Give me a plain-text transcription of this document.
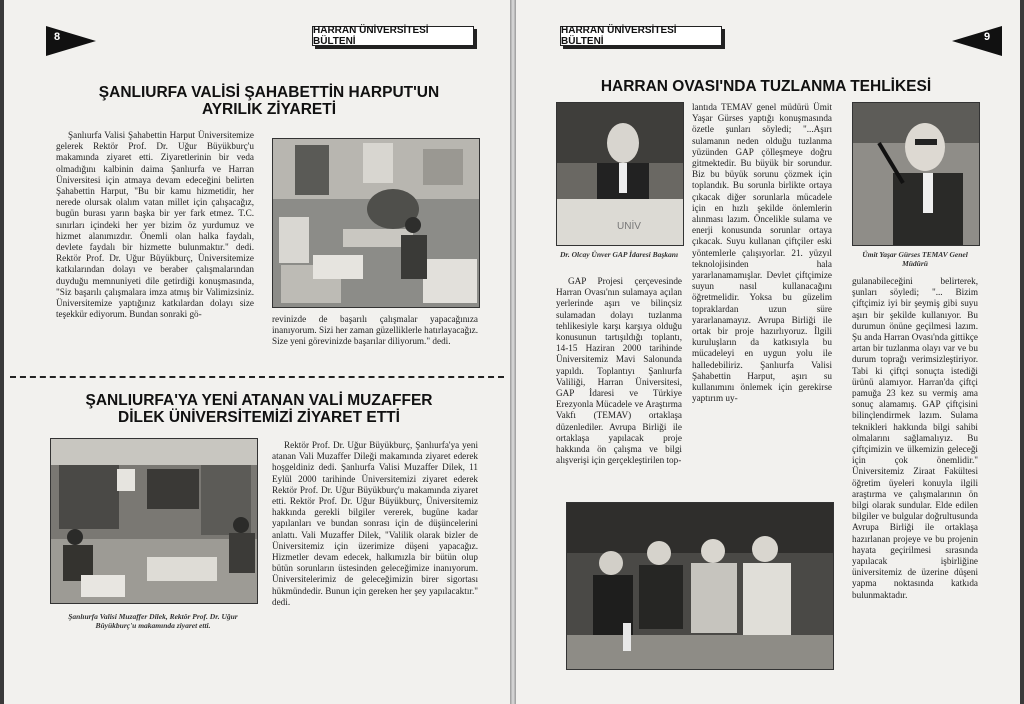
8
HARRAN ÜNİVERSİTESİ BÜLTENİ
ŞANLIURFA VALİSİ ŞAHABETTİN HARPUT'UN AYRILIK ZİYARETİ

Şanlıurfa Valisi Şahabettin Harput Üniversitemize gelerek Rektör Prof. Dr. Uğur Büyükburç'u makamında ziyaret etti. Ziyaretlerinin bir veda olmadığını kalbinin daima Şanlıurfa ve Harran Üniversitesi için atmaya devam edeceğini belirten Şahabettin Harput, "Bu bir kamu hizmetidir, her nerede olursak olalım vatan millet için çalışacağız, bugün burası yarın başka bir yer fark etmez. T.C. sınırları içindeki her yer bizim öz yurdumuz ve hizmet alanımızdır. Önemli olan halka faydalı, devlete faydalı bir hizmette bulunmaktır." dedi. Rektör Prof. Dr. Uğur Büyükburç, Üniversitemize katkılarından dolayı ve beraber çalışmalarından duyduğu memnuniyeti dile getirdiği konuşmasında, "Siz başarılı çalışmalara imza atmış bir Valimizsiniz. Üniversitemize yaptığınız katkılardan dolayı size teşekkür ediyorum. Bundan sonraki gö-	revinizde de başarılı çalışmalar yapacağınıza inanıyorum. Sizi her zaman güzelliklerle hatırlayacağız. Size yeni görevinizde başarılar diliyorum." dedi.

ŞANLIURFA'YA YENİ ATANAN VALİ MUZAFFER DİLEK ÜNİVERSİTEMİZİ ZİYARET ETTİ
Şanlıurfa Valisi Muzaffer Dilek, Rektör Prof. Dr. Uğur Büyükburç'u makamında ziyaret etti.

Rektör Prof. Dr. Uğur Büyükburç, Şanlıurfa'ya yeni atanan Vali Muzaffer Dileği makamında ziyaret ederek hoşgeldiniz dedi. Şanlıurfa Valisi Muzaffer Dilek, 11 Eylül 2000 tarihinde Üniversitemizi ziyaret ederek Rektör Prof. Dr. Uğur Büyükburç'u makamında ziyaret etti. Rektör Prof. Dr. Uğur Büyükburç, Üniversitemiz hakkında gerekli bilgiler vererek, bugüne kadar yapılanları ve bundan sonrası için de düşüncelerini anlattı. Vali Muzaffer Dilek, "Valilik olarak bizler de Üniversitemiz için üzerimize düşeni yapacağız. Hizmetler devam edecek, halkımızla bir bütün olup bütün sorunların üstesinden geleceğimize inanıyorum. Üniversitelerimiz de geleceğimizin birer sigortası hükmündedir. Bunun için gereken her şey yapılacaktır." dedi.

HARRAN ÜNİVERSİTESİ BÜLTENİ	9
HARRAN OVASI'NDA TUZLANMA TEHLİKESİ
UNİV
Dr. Olcay Ünver GAP İdaresi Başkanı	Ümit Yaşar Gürses TEMAV Genel Müdürü

GAP Projesi çerçevesinde Harran Ovası'nın sulamaya açılan yerlerinde aşırı ve bilinçsiz sulamadan dolayı tuzlanma tehlikesiyle karşı karşıya olduğu konusunun tartışıldığı toplantı, 14-15 Haziran 2000 tarihinde Üniversitemiz Mavi Salonunda yapıldı. Toplantıyı Şanlıurfa Valiliği, Harran Üniversitesi, GAP İdaresi ve Türkiye Erezyonla Mücadele ve Araştırma Vakfı (TEMAV) ortaklaşa düzenlediler. Avrupa Birliği ile ortaklaşa yapılacak proje hakkında ön çalışma ve bilgi alışverişi için gerçekleştirilen top-

lantıda TEMAV genel müdürü Ümit Yaşar Gürses yaptığı konuşmasında özetle şunları söyledi; "...Aşırı sulamanın neden olduğu tuzlanma yüzünden GAP çölleşmeye doğru gitmektedir. Bu büyük bir sorundur. Biz bu büyük sorunu çözmek için toplandık. Bu sorunla birlikte ortaya çıkacak diğer sorunlarla mücadele için en hızlı şekilde önlemlerin alınması lazım. Öncelikle sulama ve enerji konusunda sorunlar ortaya çıkacak. Suyu kullanan çiftçiler eski yöntemlerle çalışıyorlar. 21. yüzyıl teknolojisinden hala yararlanamamışlar. Devlet çiftçimize suyun nasıl kullanacağını öğretmelidir. Yoksa bu güzelim topraklardan uzun süre yararlanamayız. Avrupa Birliği ile ortak bir proje hazırlıyoruz. İlgili kuruluşların da katkısıyla bu mücadeleyi en uygun yolu ile halledebiliriz. Şanlıurfa Valisi Şahabettin Harput, aşırı su kullanımını önlemek için gerekirse yaptırım uy-

gulanabileceğini belirterek, şunları söyledi; "... Bizim çiftçimiz iyi bir şeymiş gibi suyu aşırı bir şekilde kullanıyor. Bu durumun önüne geçilmesi lazım. Şu anda Harran Ovası'nda gittikçe artan bir tuzlanma olayı var ve bu durum toprağı verimsizleştiriyor. Tabi ki çiftçi sonuçta istediği ürünü alamıyor. Harran'da çiftçi pamuğa 23 kez su vermiş ama sonuç alamamış. GAP çiftçisini bilinçlendirmek lazım. Sulama teknikleri hakkında bilgi sahibi olmalarını sağlamalıyız. Bu çiftçimizin ve ülkemizin geleceği için çok önemlidir." Üniversitemiz Ziraat Fakültesi öğretim üyeleri konuyla ilgili araştırma ve çalışmalarının ön bilgi olarak sundular. Elde edilen bilgiler ve bulgular doğrultusunda Avrupa Birliği ile ortaklaşa hazırlanan projeye ve bu projenin hayata geçirilmesi sırasında yapılacak işbirliğine üniversitemiz de üzerine düşeni yapma noktasında katkıda bulunmaktadır.
